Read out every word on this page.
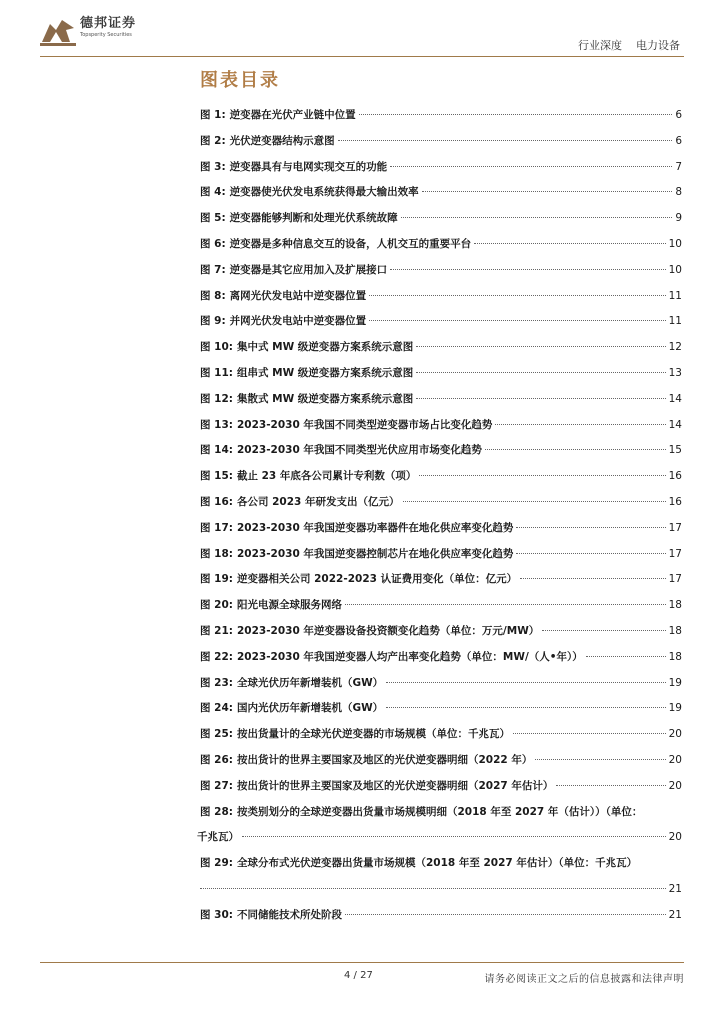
德邦证券
Topsperity Securities
行业深度 电力设备
图表目录
图 1: 逆变器在光伏产业链中位置	6
图 2: 光伏逆变器结构示意图	6
图 3: 逆变器具有与电网实现交互的功能	7
图 4: 逆变器使光伏发电系统获得最大输出效率	8
图 5: 逆变器能够判断和处理光伏系统故障	9
图 6: 逆变器是多种信息交互的设备，人机交互的重要平台	10
图 7: 逆变器是其它应用加入及扩展接口	10
图 8: 离网光伏发电站中逆变器位置	11
图 9: 并网光伏发电站中逆变器位置	11
图 10: 集中式 MW 级逆变器方案系统示意图	12
图 11: 组串式 MW 级逆变器方案系统示意图	13
图 12: 集散式 MW 级逆变器方案系统示意图	14
图 13: 2023-2030 年我国不同类型逆变器市场占比变化趋势	14
图 14: 2023-2030 年我国不同类型光伏应用市场变化趋势	15
图 15: 截止 23 年底各公司累计专利数（项）	16
图 16: 各公司 2023 年研发支出（亿元）	16
图 17: 2023-2030 年我国逆变器功率器件在地化供应率变化趋势	17
图 18: 2023-2030 年我国逆变器控制芯片在地化供应率变化趋势	17
图 19: 逆变器相关公司 2022-2023 认证费用变化（单位：亿元）	17
图 20: 阳光电源全球服务网络	18
图 21: 2023-2030 年逆变器设备投资额变化趋势（单位：万元/MW）	18
图 22: 2023-2030 年我国逆变器人均产出率变化趋势（单位：MW/（人•年））	18
图 23: 全球光伏历年新增装机（GW）	19
图 24: 国内光伏历年新增装机（GW）	19
图 25: 按出货量计的全球光伏逆变器的市场规模（单位：千兆瓦）	20
图 26: 按出货计的世界主要国家及地区的光伏逆变器明细（2022 年）	20
图 27: 按出货计的世界主要国家及地区的光伏逆变器明细（2027 年估计）	20
图 28: 按类别划分的全球逆变器出货量市场规模明细（2018 年至 2027 年（估计））（单位：
千兆瓦）	20
图 29: 全球分布式光伏逆变器出货量市场规模（2018 年至 2027 年估计）（单位：千兆瓦）
21
图 30: 不同储能技术所处阶段	21
4 / 27	请务必阅读正文之后的信息披露和法律声明
